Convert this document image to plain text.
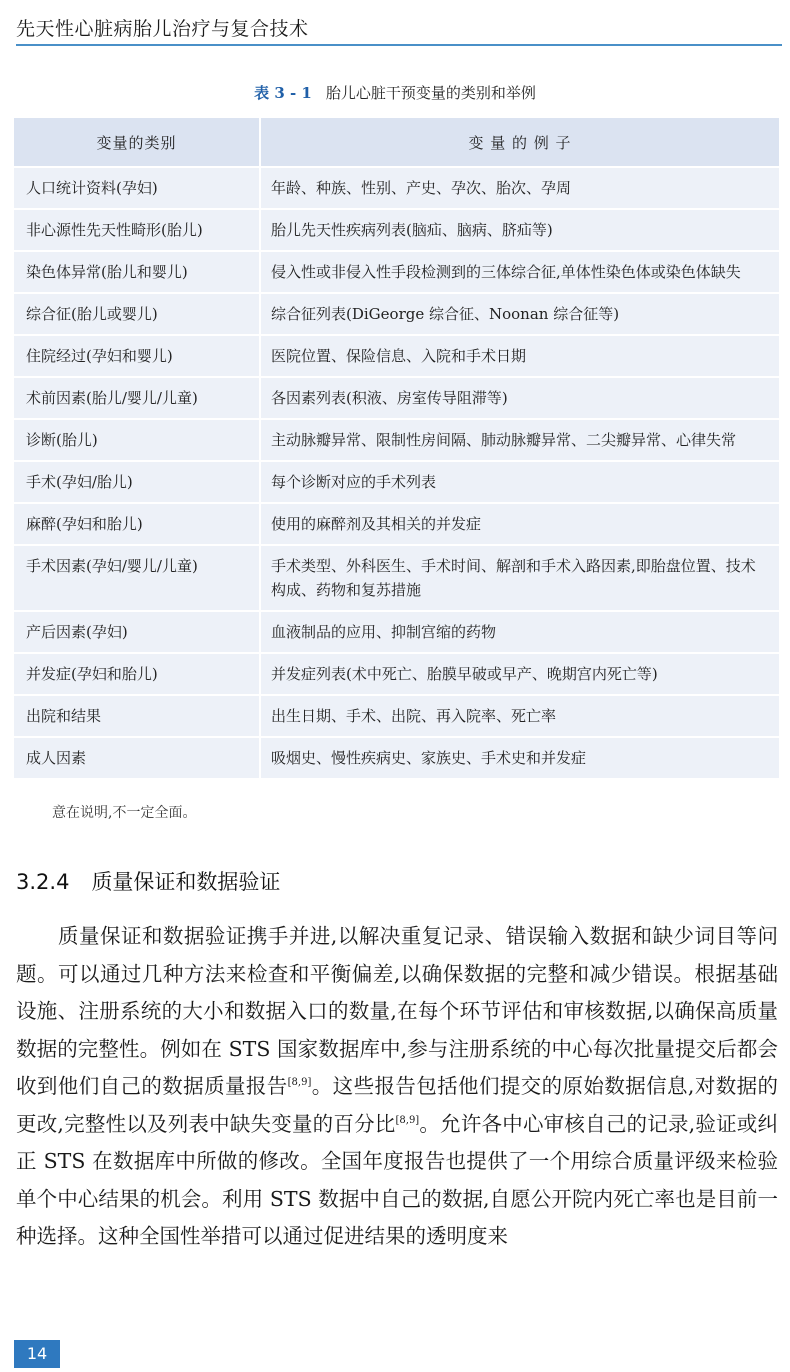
先天性心脏病胎儿治疗与复合技术
表 3 - 1 胎儿心脏干预变量的类别和举例
变量的类别	变 量 的 例 子
人口统计资料(孕妇)	年龄、种族、性别、产史、孕次、胎次、孕周
非心源性先天性畸形(胎儿)	胎儿先天性疾病列表(脑疝、脑病、脐疝等)
染色体异常(胎儿和婴儿)	侵入性或非侵入性手段检测到的三体综合征,单体性染色体或染色体缺失
综合征(胎儿或婴儿)	综合征列表(DiGeorge 综合征、Noonan 综合征等)
住院经过(孕妇和婴儿)	医院位置、保险信息、入院和手术日期
术前因素(胎儿/婴儿/儿童)	各因素列表(积液、房室传导阻滞等)
诊断(胎儿)	主动脉瓣异常、限制性房间隔、肺动脉瓣异常、二尖瓣异常、心律失常
手术(孕妇/胎儿)	每个诊断对应的手术列表
麻醉(孕妇和胎儿)	使用的麻醉剂及其相关的并发症
手术因素(孕妇/婴儿/儿童)	手术类型、外科医生、手术时间、解剖和手术入路因素,即胎盘位置、技术构成、药物和复苏措施
产后因素(孕妇)	血液制品的应用、抑制宫缩的药物
并发症(孕妇和胎儿)	并发症列表(术中死亡、胎膜早破或早产、晚期宫内死亡等)
出院和结果	出生日期、手术、出院、再入院率、死亡率
成人因素	吸烟史、慢性疾病史、家族史、手术史和并发症
意在说明,不一定全面。
3.2.4 质量保证和数据验证

质量保证和数据验证携手并进,以解决重复记录、错误输入数据和缺少词目等问题。可以通过几种方法来检查和平衡偏差,以确保数据的完整和减少错误。根据基础设施、注册系统的大小和数据入口的数量,在每个环节评估和审核数据,以确保高质量数据的完整性。例如在 STS 国家数据库中,参与注册系统的中心每次批量提交后都会收到他们自己的数据质量报告[8,9]。这些报告包括他们提交的原始数据信息,对数据的更改,完整性以及列表中缺失变量的百分比[8,9]。允许各中心审核自己的记录,验证或纠正 STS 在数据库中所做的修改。全国年度报告也提供了一个用综合质量评级来检验单个中心结果的机会。利用 STS 数据中自己的数据,自愿公开院内死亡率也是目前一种选择。这种全国性举措可以通过促进结果的透明度来

14
